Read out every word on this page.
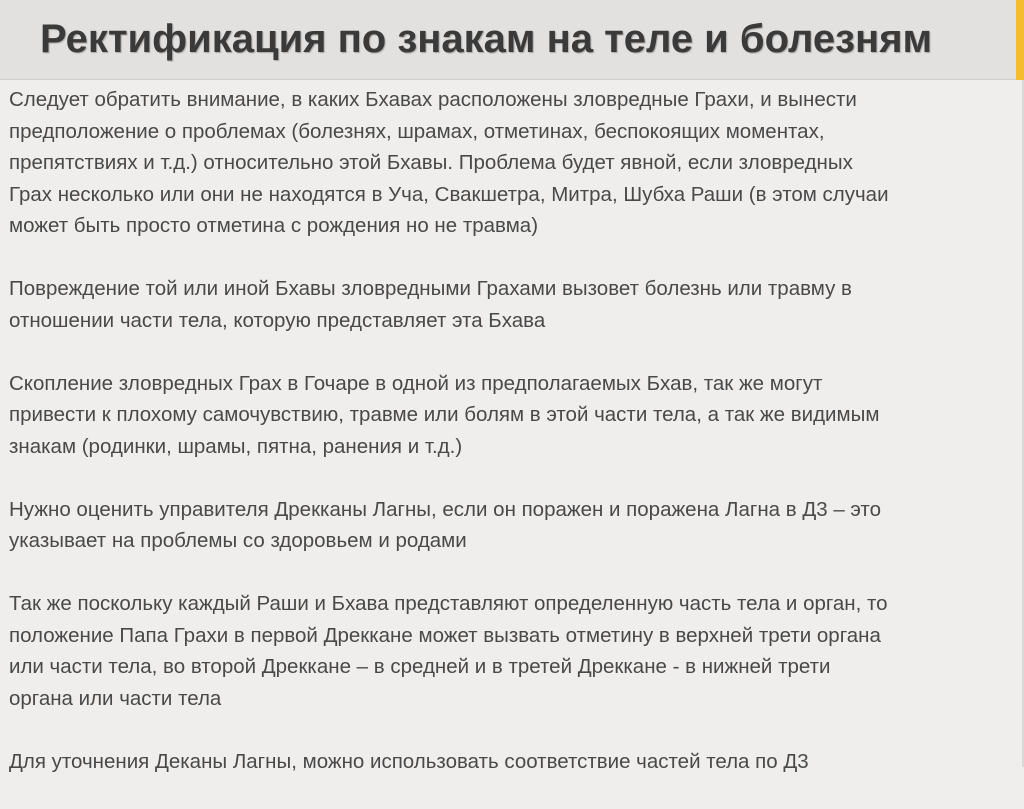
Ректификация по знакам на теле и болезням

Следует обратить внимание, в каких Бхавах расположены зловредные Грахи, и вынести
предположение о проблемах (болезнях, шрамах, отметинах, беспокоящих моментах,
препятствиях и т.д.) относительно этой Бхавы. Проблема будет явной, если зловредных
Грах несколько или они не находятся в Уча, Свакшетра, Митра, Шубха Раши (в этом случаи
может быть просто отметина с рождения но не травма)

Повреждение той или иной Бхавы зловредными Грахами вызовет болезнь или травму в
отношении части тела, которую представляет эта Бхава

Скопление зловредных Грах в Гочаре в одной из предполагаемых Бхав, так же могут
привести к плохому самочувствию, травме или болям в этой части тела, а так же видимым
знакам (родинки, шрамы, пятна, ранения и т.д.)

Нужно оценить управителя Дрекканы Лагны, если он поражен и поражена Лагна в Д3 – это
указывает на проблемы со здоровьем и родами

Так же поскольку каждый Раши и Бхава представляют определенную часть тела и орган, то
положение Папа Грахи в первой Дреккане может вызвать отметину в верхней трети органа
или части тела, во второй Дреккане – в средней и в третей Дреккане - в нижней трети
органа или части тела

Для уточнения Деканы Лагны, можно использовать соответствие частей тела по Д3
